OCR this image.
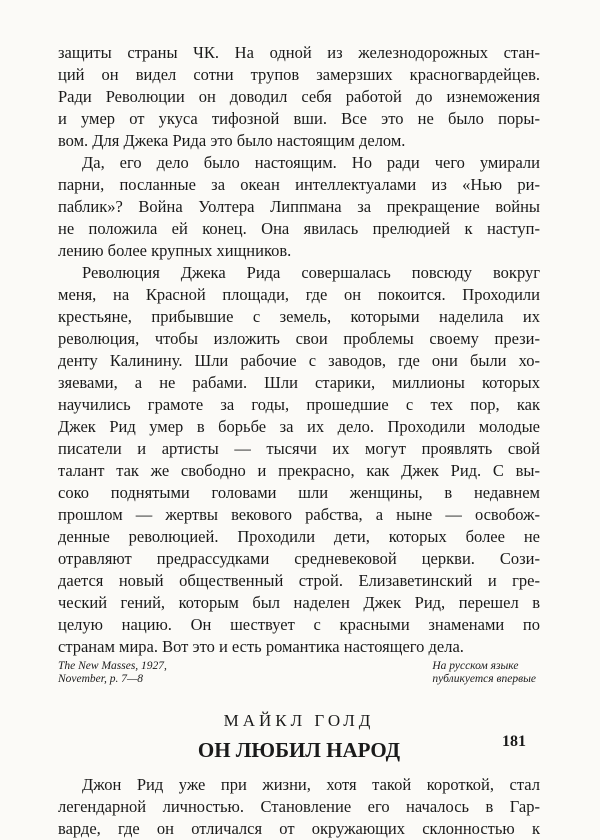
защиты страны ЧК. На одной из железнодорожных стан-
ций он видел сотни трупов замерзших красногвардейцев.
Ради Революции он доводил себя работой до изнеможения
и умер от укуса тифозной вши. Все это не было поры-
вом. Для Джека Рида это было настоящим делом.
Да, его дело было настоящим. Но ради чего умирали
парни, посланные за океан интеллектуалами из «Нью ри-
паблик»? Война Уолтера Липпмана за прекращение войны
не положила ей конец. Она явилась прелюдией к наступ-
лению более крупных хищников.
Революция Джека Рида совершалась повсюду вокруг
меня, на Красной площади, где он покоится. Проходили
крестьяне, прибывшие с земель, которыми наделила их
революция, чтобы изложить свои проблемы своему прези-
денту Калинину. Шли рабочие с заводов, где они были хо-
зяевами, а не рабами. Шли старики, миллионы которых
научились грамоте за годы, прошедшие с тех пор, как
Джек Рид умер в борьбе за их дело. Проходили молодые
писатели и артисты — тысячи их могут проявлять свой
талант так же свободно и прекрасно, как Джек Рид. С вы-
соко поднятыми головами шли женщины, в недавнем
прошлом — жертвы векового рабства, а ныне — освобож-
денные революцией. Проходили дети, которых более не
отравляют предрассудками средневековой церкви. Сози-
дается новый общественный строй. Елизаветинский и гре-
ческий гений, которым был наделен Джек Рид, перешел в
целую нацию. Он шествует с красными знаменами по
странам мира. Вот это и есть романтика настоящего дела.
The New Masses, 1927,
November, p. 7—8
На русском языке
публикуется впервые
МАЙКЛ ГОЛД
ОН ЛЮБИЛ НАРОД
Джон Рид уже при жизни, хотя такой короткой, стал
легендарной личностью. Становление его началось в Гар-
варде, где он отличался от окружающих склонностью к
181
